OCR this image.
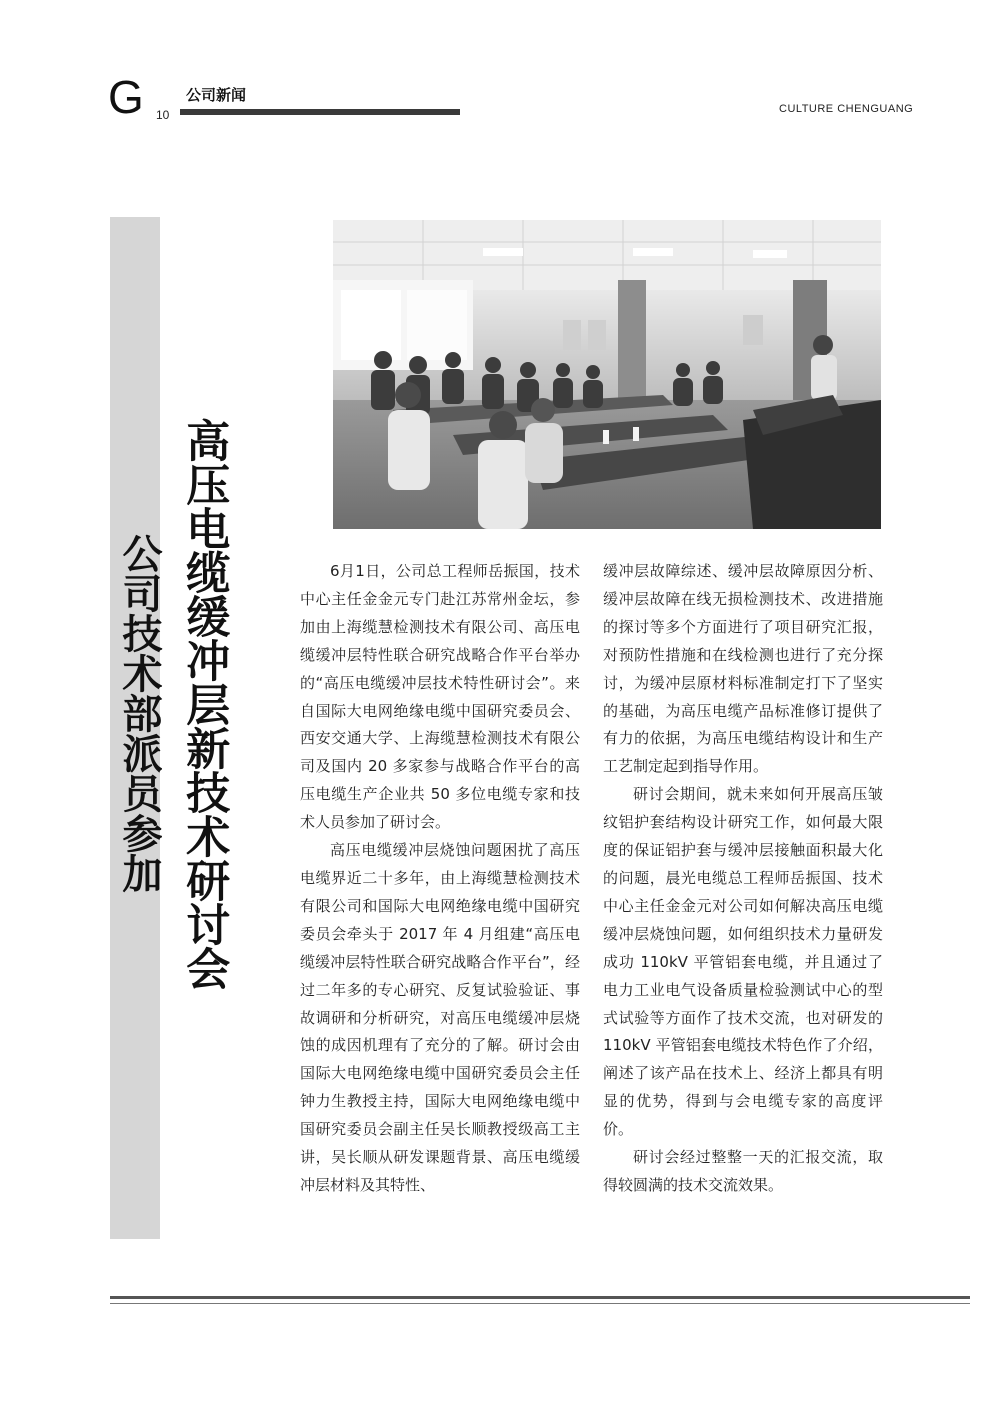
G 10
公司新闻
CULTURE CHENGUANG
高压电缆缓冲层新技术研讨会
公司技术部派员参加	6月1日，公司总工程师岳振国，技术中心主任金金元专门赴江苏常州金坛，参加由上海缆慧检测技术有限公司、高压电缆缓冲层特性联合研究战略合作平台举办的“高压电缆缓冲层技术特性研讨会”。来自国际大电网绝缘电缆中国研究委员会、西安交通大学、上海缆慧检测技术有限公司及国内 20 多家参与战略合作平台的高压电缆生产企业共 50 多位电缆专家和技术人员参加了研讨会。

高压电缆缓冲层烧蚀问题困扰了高压电缆界近二十多年，由上海缆慧检测技术有限公司和国际大电网绝缘电缆中国研究委员会牵头于 2017 年 4 月组建“高压电缆缓冲层特性联合研究战略合作平台”，经过二年多的专心研究、反复试验验证、事故调研和分析研究，对高压电缆缓冲层烧蚀的成因机理有了充分的了解。研讨会由国际大电网绝缘电缆中国研究委员会主任钟力生教授主持，国际大电网绝缘电缆中国研究委员会副主任吴长顺教授级高工主讲，吴长顺从研发课题背景、高压电缆缓冲层材料及其特性、

缓冲层故障综述、缓冲层故障原因分析、缓冲层故障在线无损检测技术、改进措施的探讨等多个方面进行了项目研究汇报，对预防性措施和在线检测也进行了充分探讨，为缓冲层原材料标准制定打下了坚实的基础，为高压电缆产品标准修订提供了有力的依据，为高压电缆结构设计和生产工艺制定起到指导作用。

研讨会期间，就未来如何开展高压皱纹铝护套结构设计研究工作，如何最大限度的保证铝护套与缓冲层接触面积最大化的问题，晨光电缆总工程师岳振国、技术中心主任金金元对公司如何解决高压电缆缓冲层烧蚀问题，如何组织技术力量研发成功 110kV 平管铝套电缆，并且通过了电力工业电气设备质量检验测试中心的型式试验等方面作了技术交流，也对研发的 110kV 平管铝套电缆技术特色作了介绍，阐述了该产品在技术上、经济上都具有明显的优势，得到与会电缆专家的高度评价。

研讨会经过整整一天的汇报交流，取得较圆满的技术交流效果。
